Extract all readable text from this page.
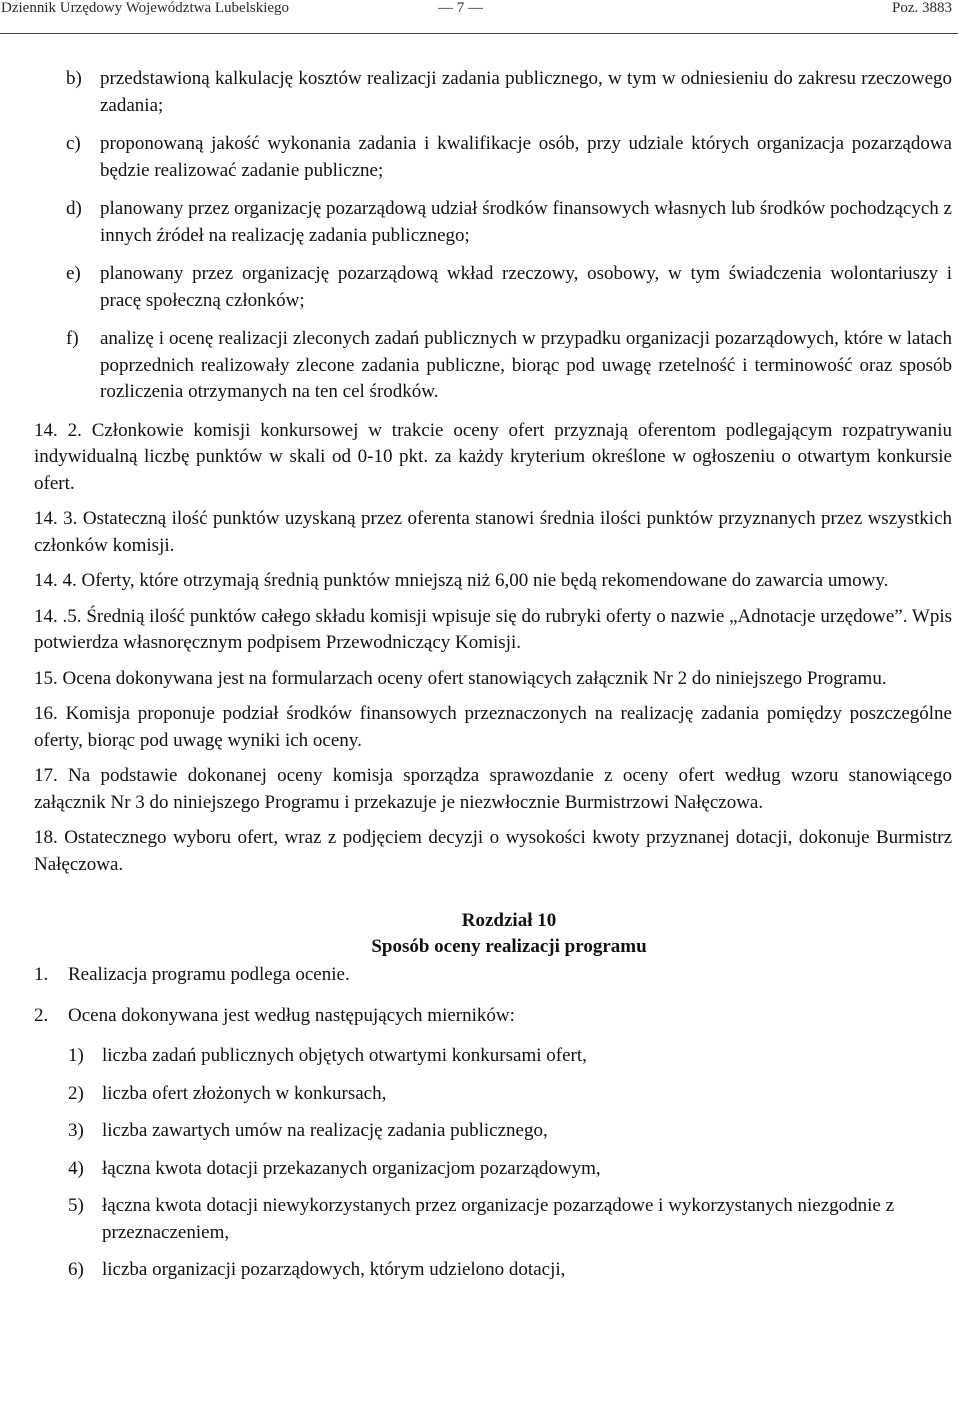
Dziennik Urzędowy Województwa Lubelskiego	— 7 —	Poz. 3883
b) przedstawioną kalkulację kosztów realizacji zadania publicznego, w tym w odniesieniu do zakresu rzeczowego zadania;
c)	proponowaną jakość wykonania zadania i kwalifikacje osób, przy udziale których organizacja pozarządowa będzie realizować zadanie publiczne;
d) planowany przez organizację pozarządową udział środków finansowych własnych lub środków pochodzących z innych źródeł na realizację zadania publicznego;
e)	planowany przez organizację pozarządową wkład rzeczowy, osobowy, w tym świadczenia wolontariuszy i pracę społeczną członków;
f)	analizę i ocenę realizacji zleconych zadań publicznych w przypadku organizacji pozarządowych, które w latach poprzednich realizowały zlecone zadania publiczne, biorąc pod uwagę rzetelność i terminowość oraz sposób rozliczenia otrzymanych na ten cel środków.
14. 2. Członkowie komisji konkursowej w trakcie oceny ofert przyznają oferentom podlegającym rozpatrywaniu indywidualną liczbę punktów w skali od 0-10 pkt. za każdy kryterium określone w ogłoszeniu o otwartym konkursie ofert.
14. 3. Ostateczną ilość punktów uzyskaną przez oferenta stanowi średnia ilości punktów przyznanych przez wszystkich członków komisji.
14. 4. Oferty, które otrzymają średnią punktów mniejszą niż 6,00 nie będą rekomendowane do zawarcia umowy.
14. .5. Średnią ilość punktów całego składu komisji wpisuje się do rubryki oferty o nazwie „Adnotacje urzędowe”. Wpis potwierdza własnoręcznym podpisem Przewodniczący Komisji.
15. Ocena dokonywana jest na formularzach oceny ofert stanowiących załącznik Nr 2 do niniejszego Programu.
16. Komisja proponuje podział środków finansowych przeznaczonych na realizację zadania pomiędzy poszczególne oferty, biorąc pod uwagę wyniki ich oceny.
17. Na podstawie dokonanej oceny komisja sporządza sprawozdanie z oceny ofert według wzoru stanowiącego załącznik Nr 3 do niniejszego Programu i przekazuje je niezwłocznie Burmistrzowi Nałęczowa.
18. Ostatecznego wyboru ofert, wraz z podjęciem decyzji o wysokości kwoty przyznanej dotacji, dokonuje Burmistrz Nałęczowa.
Rozdział 10
Sposób oceny realizacji programu
1.	Realizacja programu podlega ocenie.
2.	Ocena dokonywana jest według następujących mierników:
1) liczba zadań publicznych objętych otwartymi konkursami ofert,
2) liczba ofert złożonych w konkursach,
3) liczba zawartych umów na realizację zadania publicznego,
4) łączna kwota dotacji przekazanych organizacjom pozarządowym,
5) łączna kwota dotacji niewykorzystanych przez organizacje pozarządowe i wykorzystanych niezgodnie z przeznaczeniem,
6) liczba organizacji pozarządowych, którym udzielono dotacji,
